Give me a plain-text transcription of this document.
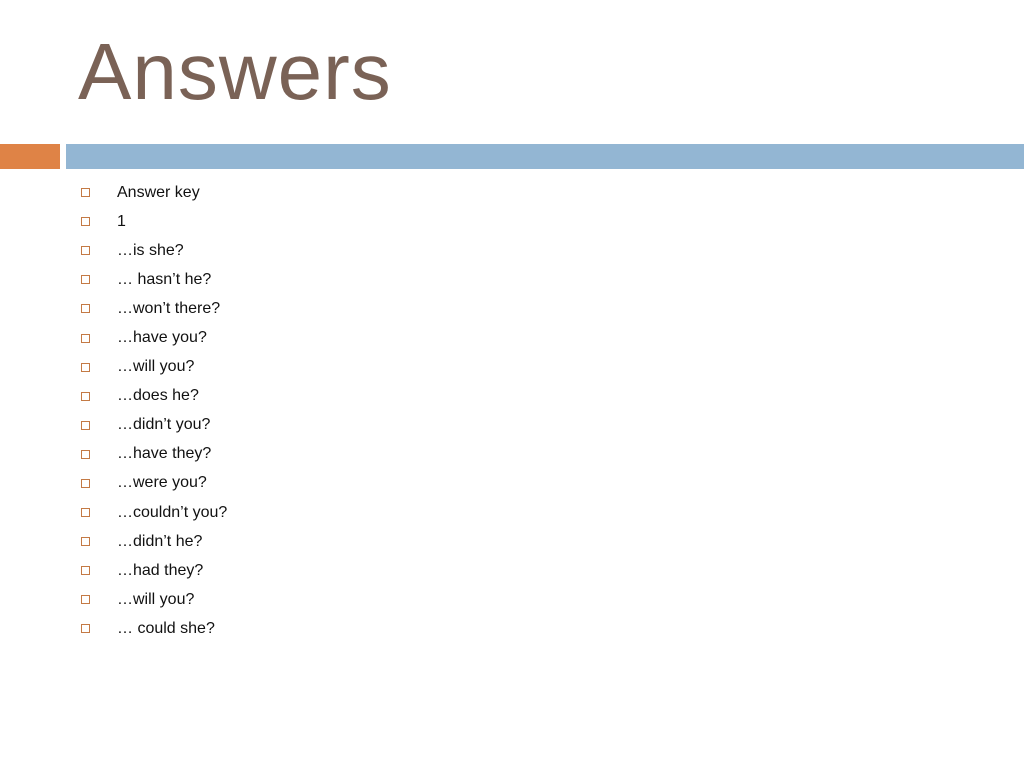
Answers
Answer key
1
…is she?
… hasn’t he?
…won’t there?
…have you?
…will you?
…does he?
…didn’t you?
…have they?
…were you?
…couldn’t you?
…didn’t he?
…had they?
…will you?
… could she?
